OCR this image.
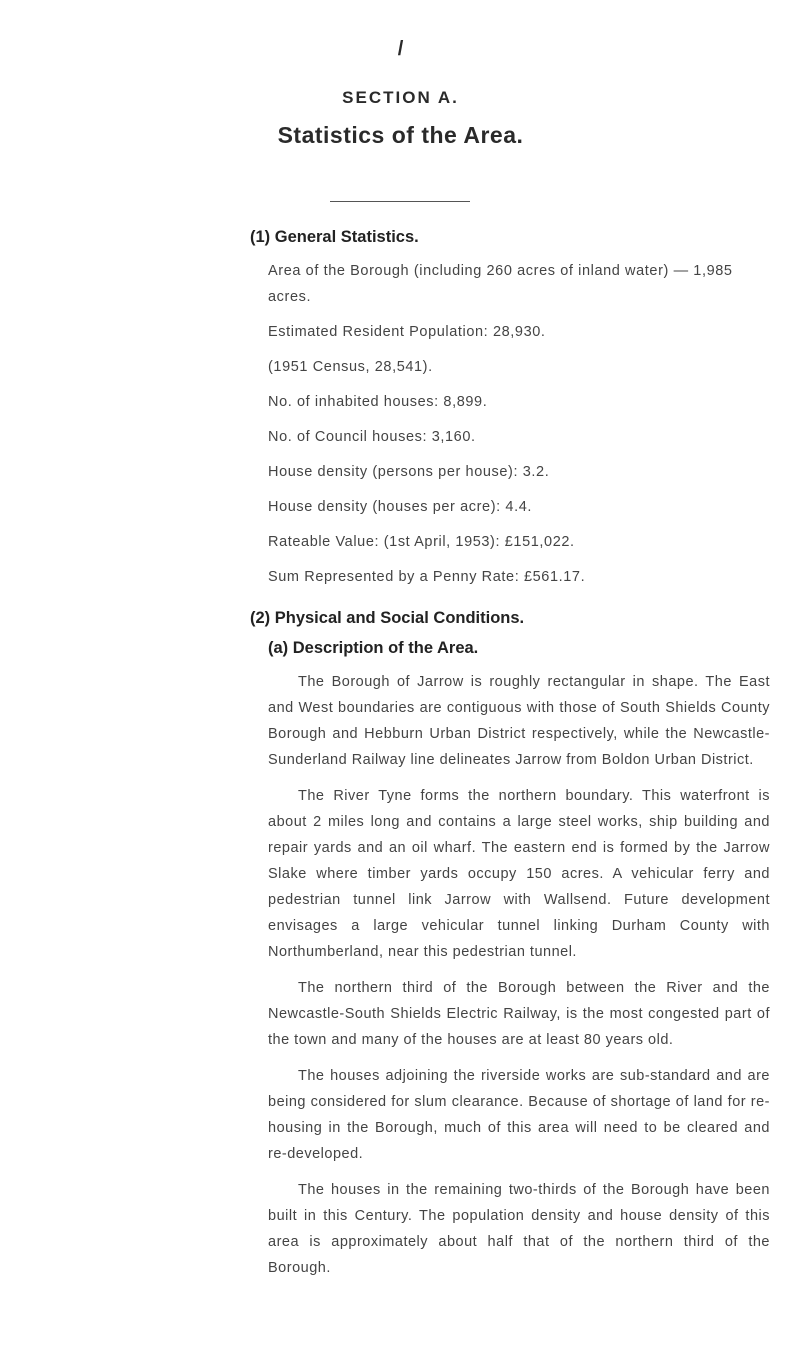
/
SECTION A.
Statistics of the Area.
(1) General Statistics.

Area of the Borough (including 260 acres of inland water) — 1,985 acres.

Estimated Resident Population: 28,930.

(1951 Census, 28,541).

No. of inhabited houses: 8,899.

No. of Council houses: 3,160.

House density (persons per house): 3.2.

House density (houses per acre): 4.4.

Rateable Value: (1st April, 1953): £151,022.

Sum Represented by a Penny Rate: £561.17.

(2) Physical and Social Conditions.
(a) Description of the Area.

The Borough of Jarrow is roughly rectangular in shape. The East and West boundaries are contiguous with those of South Shields County Borough and Hebburn Urban District respectively, while the Newcastle-Sunderland Railway line delineates Jarrow from Boldon Urban District.

The River Tyne forms the northern boundary. This waterfront is about 2 miles long and contains a large steel works, ship building and repair yards and an oil wharf. The eastern end is formed by the Jarrow Slake where timber yards occupy 150 acres. A vehicular ferry and pedestrian tunnel link Jarrow with Wallsend. Future development envisages a large vehicular tunnel linking Durham County with Northumberland, near this pedestrian tunnel.

The northern third of the Borough between the River and the Newcastle-South Shields Electric Railway, is the most congested part of the town and many of the houses are at least 80 years old.

The houses adjoining the riverside works are sub-standard and are being considered for slum clearance. Because of shortage of land for re-housing in the Borough, much of this area will need to be cleared and re-developed.

The houses in the remaining two-thirds of the Borough have been built in this Century. The population density and house density of this area is approximately about half that of the northern third of the Borough.
